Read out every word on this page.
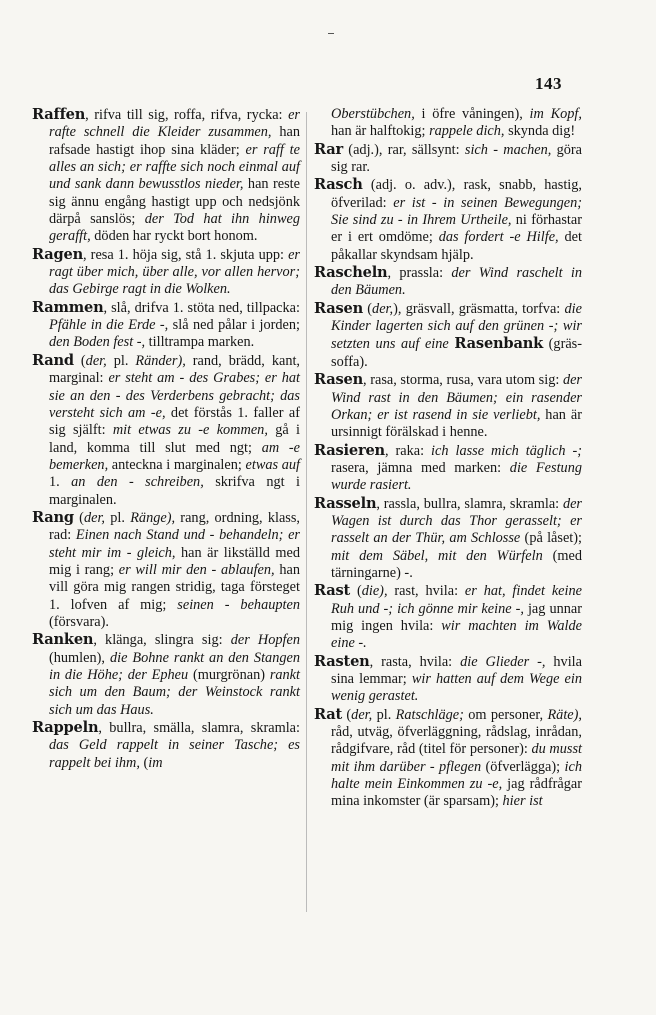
143

Raffen, rifva till sig, roffa, rifva, rycka: er rafte schnell die Kleider zusammen, han rafsade hastigt ihop sina kläder; er raff te alles an sich; er raffte sich noch einmal auf und sank dann bewusstlos nieder, han reste sig ännu engång hastigt upp och nedsjönk därpå sanslös; der Tod hat ihn hinweg gerafft, döden har ryckt bort honom.

Ragen, resa 1. höja sig, stå 1. skjuta upp: er ragt über mich, über alle, vor allen hervor; das Gebirge ragt in die Wolken.

Rammen, slå, drifva 1. stöta ned, tillpacka: Pfähle in die Erde -, slå ned pålar i jorden; den Boden fest -, tilltrampa marken.

Rand (der, pl. Ränder), rand, brädd, kant, marginal: er steht am - des Grabes; er hat sie an den - des Verderbens gebracht; das versteht sich am -e, det förstås 1. faller af sig själft: mit etwas zu -e kommen, gå i land, komma till slut med ngt; am -e bemerken, anteckna i marginalen; etwas auf 1. an den - schreiben, skrifva ngt i marginalen.

Rang (der, pl. Ränge), rang, ordning, klass, rad: Einen nach Stand und - behandeln; er steht mir im - gleich, han är likställd med mig i rang; er will mir den - ablaufen, han vill göra mig rangen stridig, taga försteget 1. lofven af mig; seinen - behaupten (försvara).

Ranken, klänga, slingra sig: der Hopfen (humlen), die Bohne rankt an den Stangen in die Höhe; der Epheu (murgrönan) rankt sich um den Baum; der Weinstock rankt sich um das Haus.

Rappeln, bullra, smälla, slamra, skramla: das Geld rappelt in seiner Tasche; es rappelt bei ihm, (im

Oberstübchen, i öfre våningen), im Kopf, han är halftokig; rappele dich, skynda dig!

Rar (adj.), rar, sällsynt: sich - machen, göra sig rar.

Rasch (adj. o. adv.), rask, snabb, hastig, öfverilad: er ist - in seinen Bewegungen; Sie sind zu - in Ihrem Urtheile, ni förhastar er i ert omdöme; das fordert -e Hilfe, det påkallar skyndsam hjälp.

Rascheln, prassla: der Wind raschelt in den Bäumen.

Rasen (der,), gräsvall, gräsmatta, torfva: die Kinder lagerten sich auf den grünen -; wir setzten uns auf eine Rasenbank (gräs-soffa).

Rasen, rasa, storma, rusa, vara utom sig: der Wind rast in den Bäumen; ein rasender Orkan; er ist rasend in sie verliebt, han är ursinnigt förälskad i henne.

Rasieren, raka: ich lasse mich täglich -; rasera, jämna med marken: die Festung wurde rasiert.

Rasseln, rassla, bullra, slamra, skramla: der Wagen ist durch das Thor gerasselt; er rasselt an der Thür, am Schlosse (på låset); mit dem Säbel, mit den Würfeln (med tärningarne) -.

Rast (die), rast, hvila: er hat, findet keine Ruh und -; ich gönne mir keine -, jag unnar mig ingen hvila: wir machten im Walde eine -.

Rasten, rasta, hvila: die Glieder -, hvila sina lemmar; wir hatten auf dem Wege ein wenig gerastet.

Rat (der, pl. Ratschläge; om personer, Räte), råd, utväg, öfverläggning, rådslag, inrådan, rådgifvare, råd (titel för personer): du musst mit ihm darüber - pflegen (öfverlägga); ich halte mein Einkommen zu -e, jag rådfrågar mina inkomster (är sparsam); hier ist
